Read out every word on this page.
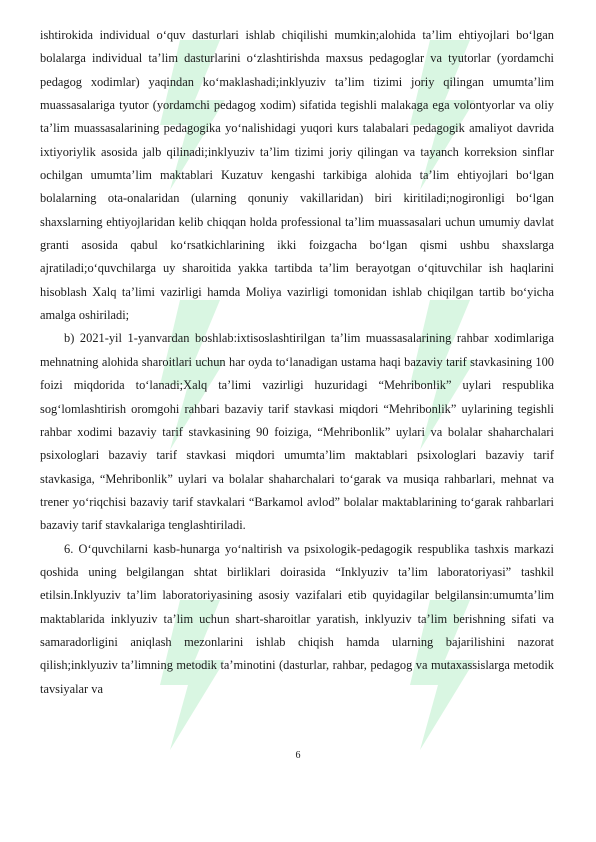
ishtirokida individual o‘quv dasturlari ishlab chiqilishi mumkin;alohida ta’lim ehtiyojlari bo‘lgan bolalarga individual ta’lim dasturlarini o‘zlashtirishda maxsus pedagoglar va tyutorlar (yordamchi pedagog xodimlar) yaqindan ko‘maklashadi;inklyuziv ta’lim tizimi joriy qilingan umumta’lim muassasalariga tyutor (yordamchi pedagog xodim) sifatida tegishli malakaga ega volontyorlar va oliy ta’lim muassasalarining pedagogika yo‘nalishidagi yuqori kurs talabalari pedagogik amaliyot davrida ixtiyoriylik asosida jalb qilinadi;inklyuziv ta’lim tizimi joriy qilingan va tayanch korreksion sinflar ochilgan umumta’lim maktablari Kuzatuv kengashi tarkibiga alohida ta’lim ehtiyojlari bo‘lgan bolalarning ota-onalaridan (ularning qonuniy vakillaridan) biri kiritiladi;nogironligi bo‘lgan shaxslarning ehtiyojlaridan kelib chiqqan holda professional ta’lim muassasalari uchun umumiy davlat granti asosida qabul ko‘rsatkichlarining ikki foizgacha bo‘lgan qismi ushbu shaxslarga ajratiladi;o‘quvchilarga uy sharoitida yakka tartibda ta’lim berayotgan o‘qituvchilar ish haqlarini hisoblash Xalq ta’limi vazirligi hamda Moliya vazirligi tomonidan ishlab chiqilgan tartib bo‘yicha amalga oshiriladi;

b) 2021-yil 1-yanvardan boshlab:ixtisoslashtirilgan ta’lim muassasalarining rahbar xodimlariga mehnatning alohida sharoitlari uchun har oyda to‘lanadigan ustama haqi bazaviy tarif stavkasining 100 foizi miqdorida to‘lanadi;Xalq ta’limi vazirligi huzuridagi “Mehribonlik” uylari respublika sog‘lomlashtirish oromgohi rahbari bazaviy tarif stavkasi miqdori “Mehribonlik” uylarining tegishli rahbar xodimi bazaviy tarif stavkasining 90 foiziga, “Mehribonlik” uylari va bolalar shaharchalari psixologlari bazaviy tarif stavkasi miqdori umumta’lim maktablari psixologlari bazaviy tarif stavkasiga, “Mehribonlik” uylari va bolalar shaharchalari to‘garak va musiqa rahbarlari, mehnat va trener yo‘riqchisi bazaviy tarif stavkalari “Barkamol avlod” bolalar maktablarining to‘garak rahbarlari bazaviy tarif stavkalariga tenglashtiriladi.

6. O‘quvchilarni kasb-hunarga yo‘naltirish va psixologik-pedagogik respublika tashxis markazi qoshida uning belgilangan shtat birliklari doirasida “Inklyuziv ta’lim laboratoriyasi” tashkil etilsin.Inklyuziv ta’lim laboratoriyasining asosiy vazifalari etib quyidagilar belgilansin:umumta’lim maktablarida inklyuziv ta’lim uchun shart-sharoitlar yaratish, inklyuziv ta’lim berishning sifati va samaradorligini aniqlash mezonlarini ishlab chiqish hamda ularning bajarilishini nazorat qilish;inklyuziv ta’limning metodik ta’minotini (dasturlar, rahbar, pedagog va mutaxassislarga metodik tavsiyalar va

6
